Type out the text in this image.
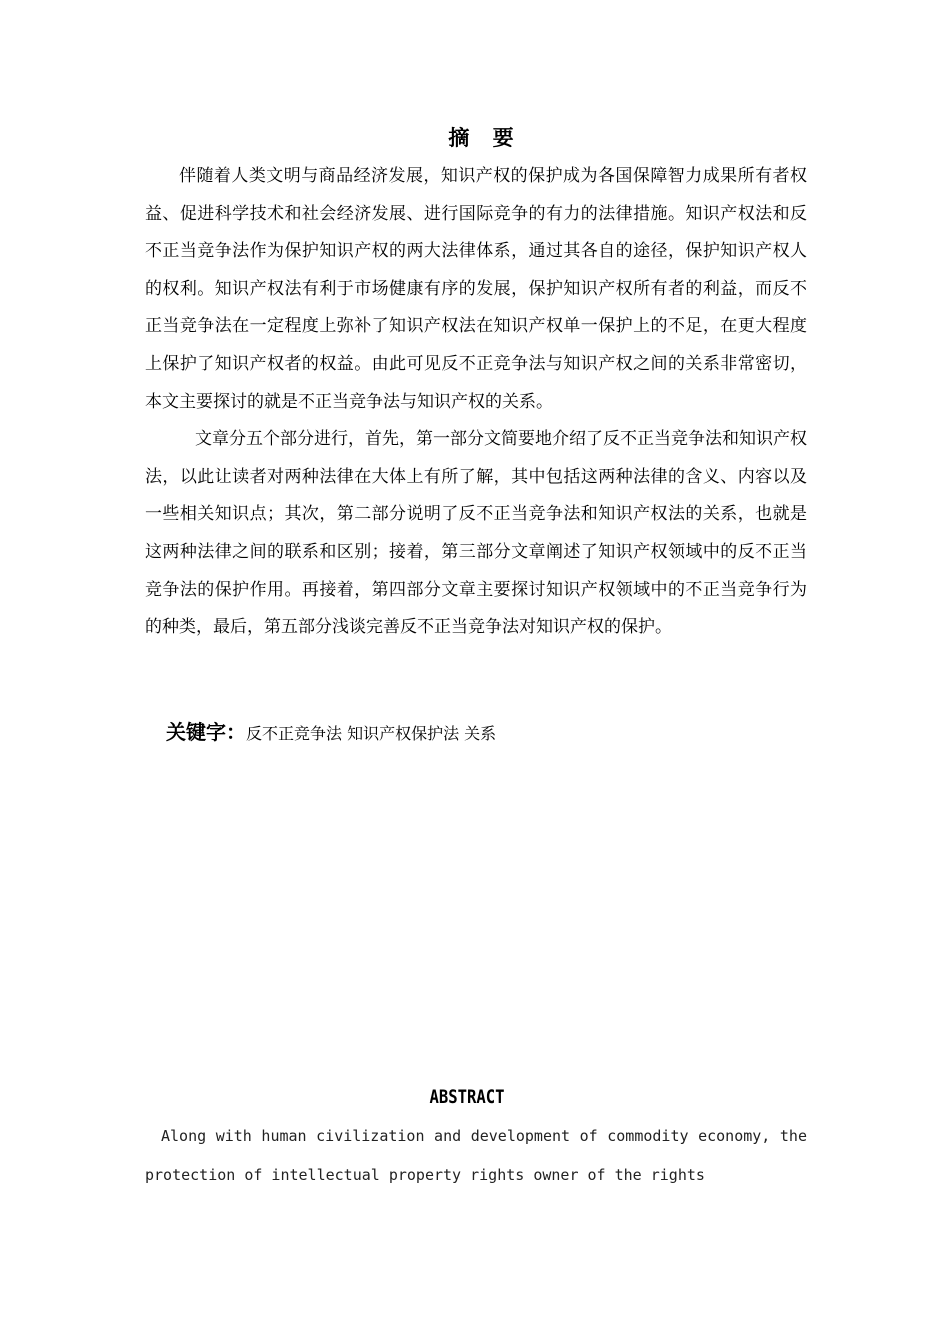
摘 要

伴随着人类文明与商品经济发展，知识产权的保护成为各国保障智力成果所有者权益、促进科学技术和社会经济发展、进行国际竞争的有力的法律措施。知识产权法和反不正当竞争法作为保护知识产权的两大法律体系，通过其各自的途径，保护知识产权人的权利。知识产权法有利于市场健康有序的发展，保护知识产权所有者的利益，而反不正当竞争法在一定程度上弥补了知识产权法在知识产权单一保护上的不足，在更大程度上保护了知识产权者的权益。由此可见反不正竞争法与知识产权之间的关系非常密切，本文主要探讨的就是不正当竞争法与知识产权的关系。

文章分五个部分进行，首先，第一部分文简要地介绍了反不正当竞争法和知识产权法，以此让读者对两种法律在大体上有所了解，其中包括这两种法律的含义、内容以及一些相关知识点；其次，第二部分说明了反不正当竞争法和知识产权法的关系，也就是这两种法律之间的联系和区别；接着，第三部分文章阐述了知识产权领域中的反不正当竞争法的保护作用。再接着，第四部分文章主要探讨知识产权领域中的不正当竞争行为的种类，最后，第五部分浅谈完善反不正当竞争法对知识产权的保护。

关键字：反不正竞争法 知识产权保护法 关系

ABSTRACT

Along with human civilization and development of commodity economy, the protection of intellectual property rights owner of the rights
